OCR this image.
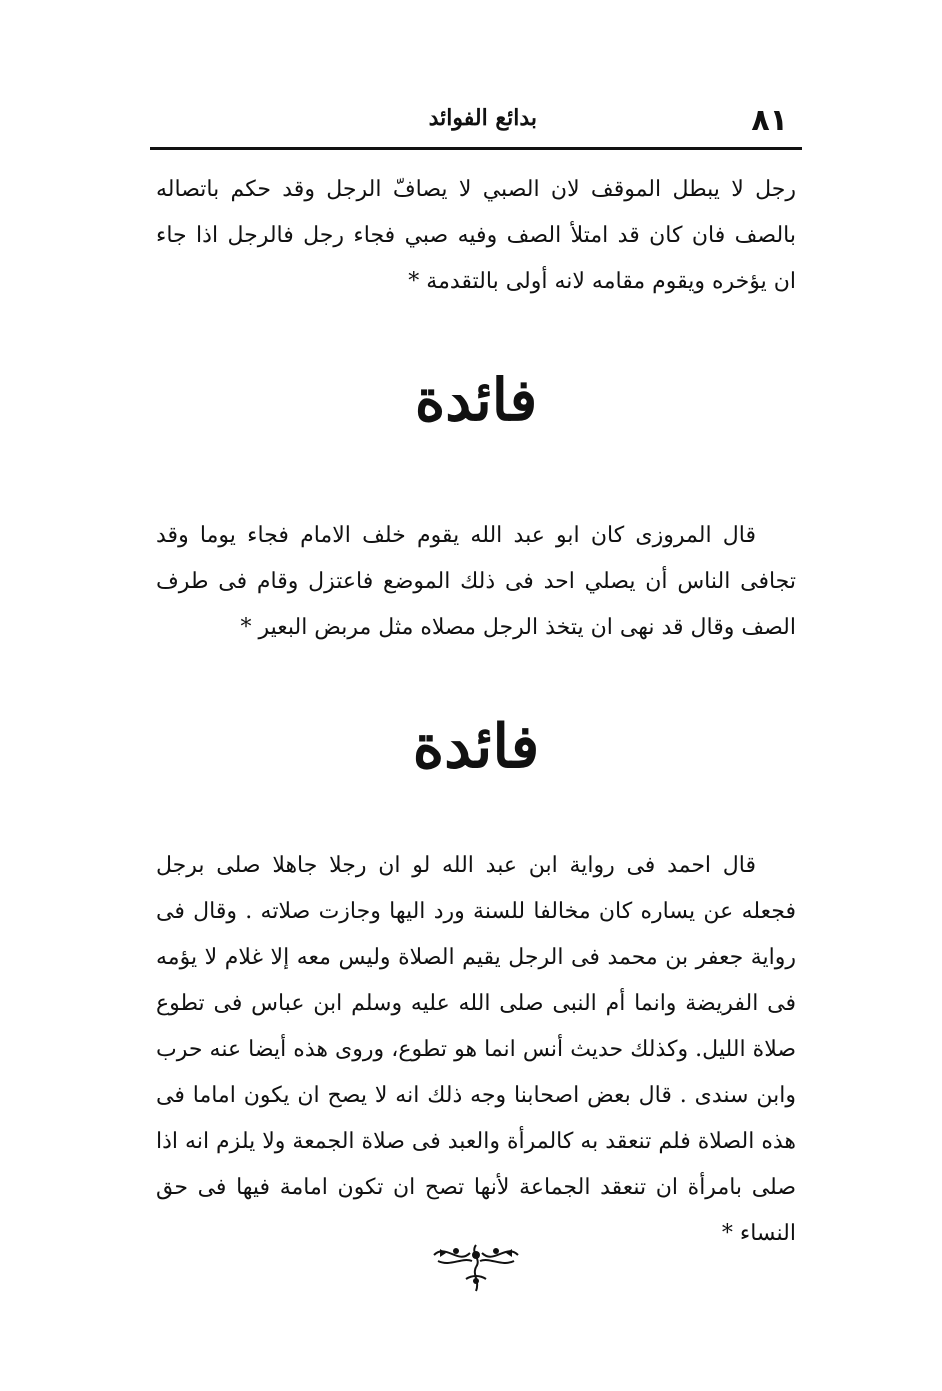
٨١
بدائع الفوائد

رجل لا يبطل الموقف لان الصبي لا يصافّ الرجل وقد حكم باتصاله بالصف فان كان قد امتلأ الصف وفيه صبي فجاء رجل فالرجل اذا جاء ان يؤخره ويقوم مقامه لانه أولى بالتقدمة *

فائدة

قال المروزى كان ابو عبد الله يقوم خلف الامام فجاء يوما وقد تجافى الناس أن يصلي احد فى ذلك الموضع فاعتزل وقام فى طرف الصف وقال قد نهى ان يتخذ الرجل مصلاه مثل مربض البعير *

فائدة

قال احمد فى رواية ابن عبد الله لو ان رجلا جاهلا صلى برجل فجعله عن يساره كان مخالفا للسنة ورد اليها وجازت صلاته . وقال فى رواية جعفر بن محمد فى الرجل يقيم الصلاة وليس معه إلا غلام لا يؤمه فى الفريضة وانما أم النبى صلى الله عليه وسلم ابن عباس فى تطوع صلاة الليل. وكذلك حديث أنس انما هو تطوع، وروى هذه أيضا عنه حرب وابن سندى . قال بعض اصحابنا وجه ذلك انه لا يصح ان يكون اماما فى هذه الصلاة فلم تنعقد به كالمرأة والعبد فى صلاة الجمعة ولا يلزم انه اذا صلى بامرأة ان تنعقد الجماعة لأنها تصح ان تكون امامة فيها فى حق النساء *
